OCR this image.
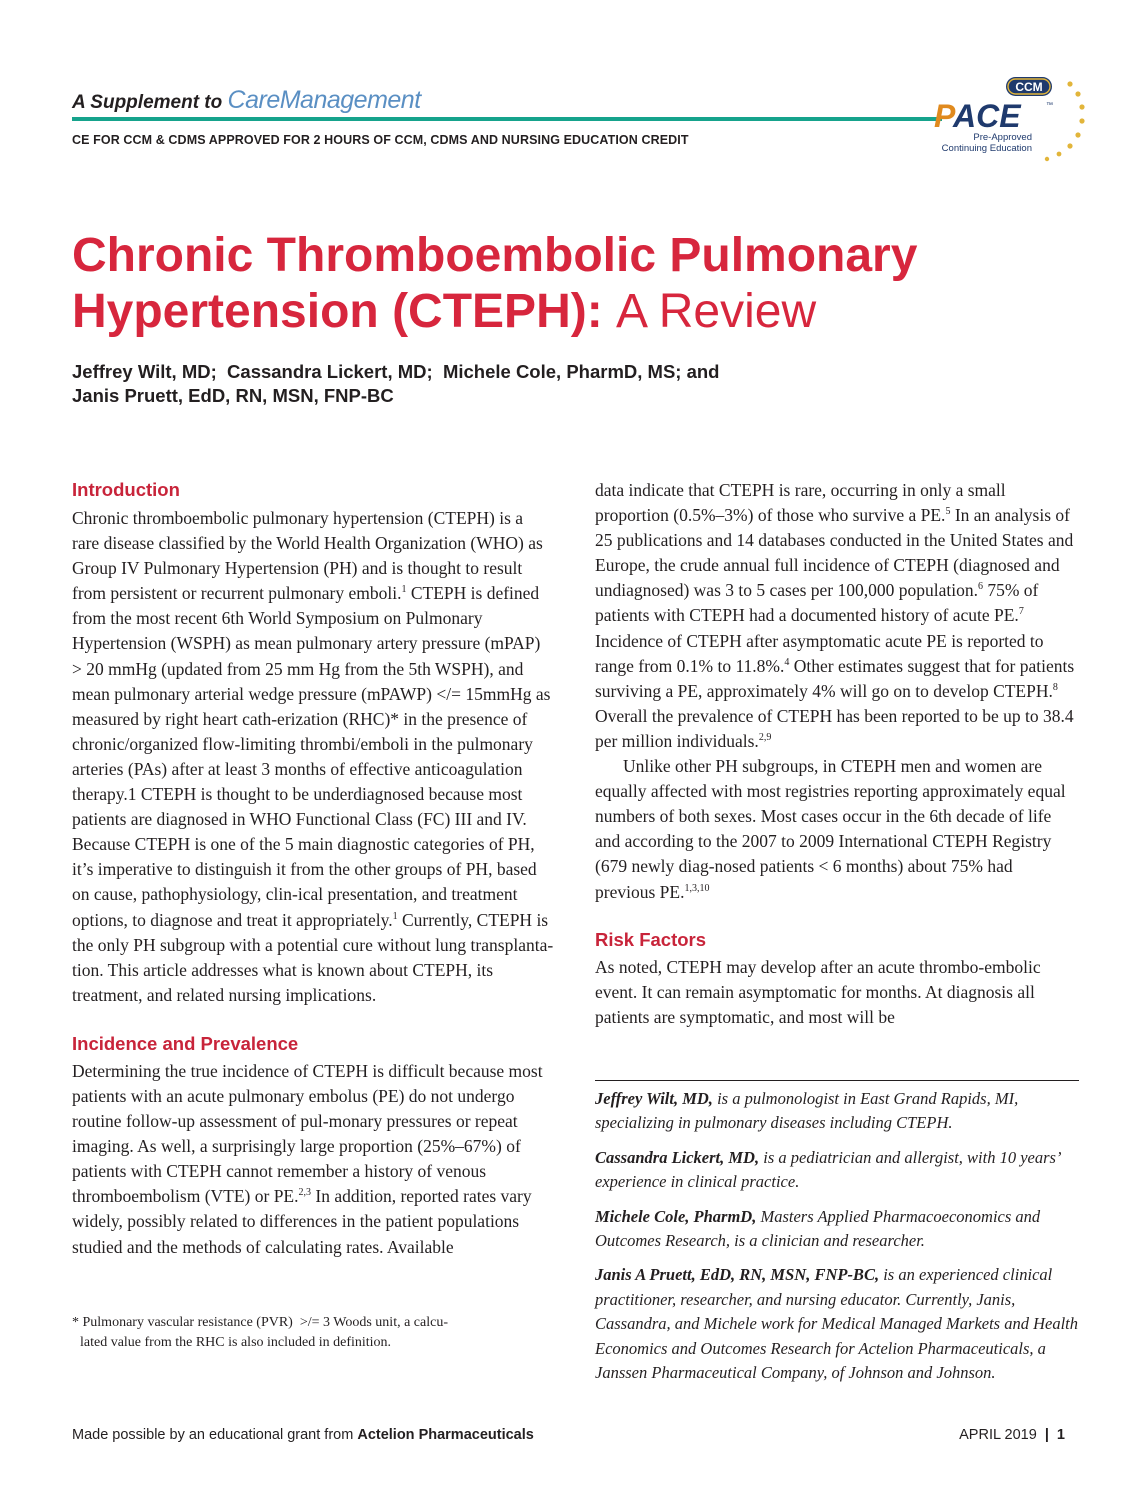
A Supplement to CareManagement
CE FOR CCM & CDMS APPROVED FOR 2 HOURS OF CCM, CDMS AND NURSING EDUCATION CREDIT
CCM
PACE	™
Pre-Approved
Continuing Education
Chronic Thromboembolic Pulmonary
Hypertension (CTEPH): A Review
Jeffrey Wilt, MD;  Cassandra Lickert, MD;  Michele Cole, PharmD, MS; and
Janis Pruett, EdD, RN, MSN, FNP-BC
Introduction

Chronic thromboembolic pulmonary hypertension (CTEPH) is a rare disease classified by the World Health Organization (WHO) as Group IV Pulmonary Hypertension (PH) and is thought to result from persistent or recurrent pulmonary emboli.$^1$ CTEPH is defined from the most recent 6th World Symposium on Pulmonary Hypertension (WSPH) as mean pulmonary artery pressure (mPAP) > 20 mmHg (updated from 25 mm Hg from the 5th WSPH), and mean pulmonary arterial wedge pressure (mPAWP) </= 15mmHg as measured by right heart cath-erization (RHC)* in the presence of chronic/organized flow-limiting thrombi/emboli in the pulmonary arteries (PAs) after at least 3 months of effective anticoagulation therapy.1 CTEPH is thought to be underdiagnosed because most patients are diagnosed in WHO Functional Class (FC) III and IV. Because CTEPH is one of the 5 main diagnostic categories of PH, it’s imperative to distinguish it from the other groups of PH, based on cause, pathophysiology, clin-ical presentation, and treatment options, to diagnose and treat it appropriately.$^1$ Currently, CTEPH is the only PH subgroup with a potential cure without lung transplanta-tion. This article addresses what is known about CTEPH, its treatment, and related nursing implications.

Incidence and Prevalence

Determining the true incidence of CTEPH is difficult because most patients with an acute pulmonary embolus (PE) do not undergo routine follow-up assessment of pul-monary pressures or repeat imaging. As well, a surprisingly large proportion (25%–67%) of patients with CTEPH cannot remember a history of venous thromboembolism (VTE) or PE.$^{2,3}$ In addition, reported rates vary widely, possibly related to differences in the patient populations studied and the methods of calculating rates. Available

* Pulmonary vascular resistance (PVR)  >/= 3 Woods unit, a calcu-
lated value from the RHC is also included in definition.

data indicate that CTEPH is rare, occurring in only a small proportion (0.5%–3%) of those who survive a PE.$^5$ In an analysis of 25 publications and 14 databases conducted in the United States and Europe, the crude annual full incidence of CTEPH (diagnosed and undiagnosed) was 3 to 5 cases per 100,000 population.$^6$ 75% of patients with CTEPH had a documented history of acute PE.$^7$ Incidence of CTEPH after asymptomatic acute PE is reported to range from 0.1% to 11.8%.$^4$ Other estimates suggest that for patients surviving a PE, approximately 4% will go on to develop CTEPH.$^8$ Overall the prevalence of CTEPH has been reported to be up to 38.4 per million individuals.$^{2,9}$

Unlike other PH subgroups, in CTEPH men and women are equally affected with most registries reporting approximately equal numbers of both sexes. Most cases occur in the 6th decade of life and according to the 2007 to 2009 International CTEPH Registry (679 newly diag-nosed patients < 6 months) about 75% had previous PE.$^{1,3,10}$

Risk Factors

As noted, CTEPH may develop after an acute thrombo-embolic event. It can remain asymptomatic for months. At diagnosis all patients are symptomatic, and most will be

Jeffrey Wilt, MD, is a pulmonologist in East Grand Rapids, MI, specializing in pulmonary diseases including CTEPH.

Cassandra Lickert, MD, is a pediatrician and allergist, with 10 years’ experience in clinical practice.

Michele Cole, PharmD, Masters Applied Pharmacoeconomics and Outcomes Research, is a clinician and researcher.

Janis A Pruett, EdD, RN, MSN, FNP-BC, is an experienced clinical practitioner, researcher, and nursing educator. Currently, Janis, Cassandra, and Michele work for Medical Managed Markets and Health Economics and Outcomes Research for Actelion Pharmaceuticals, a Janssen Pharmaceutical Company, of Johnson and Johnson.

Made possible by an educational grant from Actelion Pharmaceuticals	APRIL 2019 | 1
